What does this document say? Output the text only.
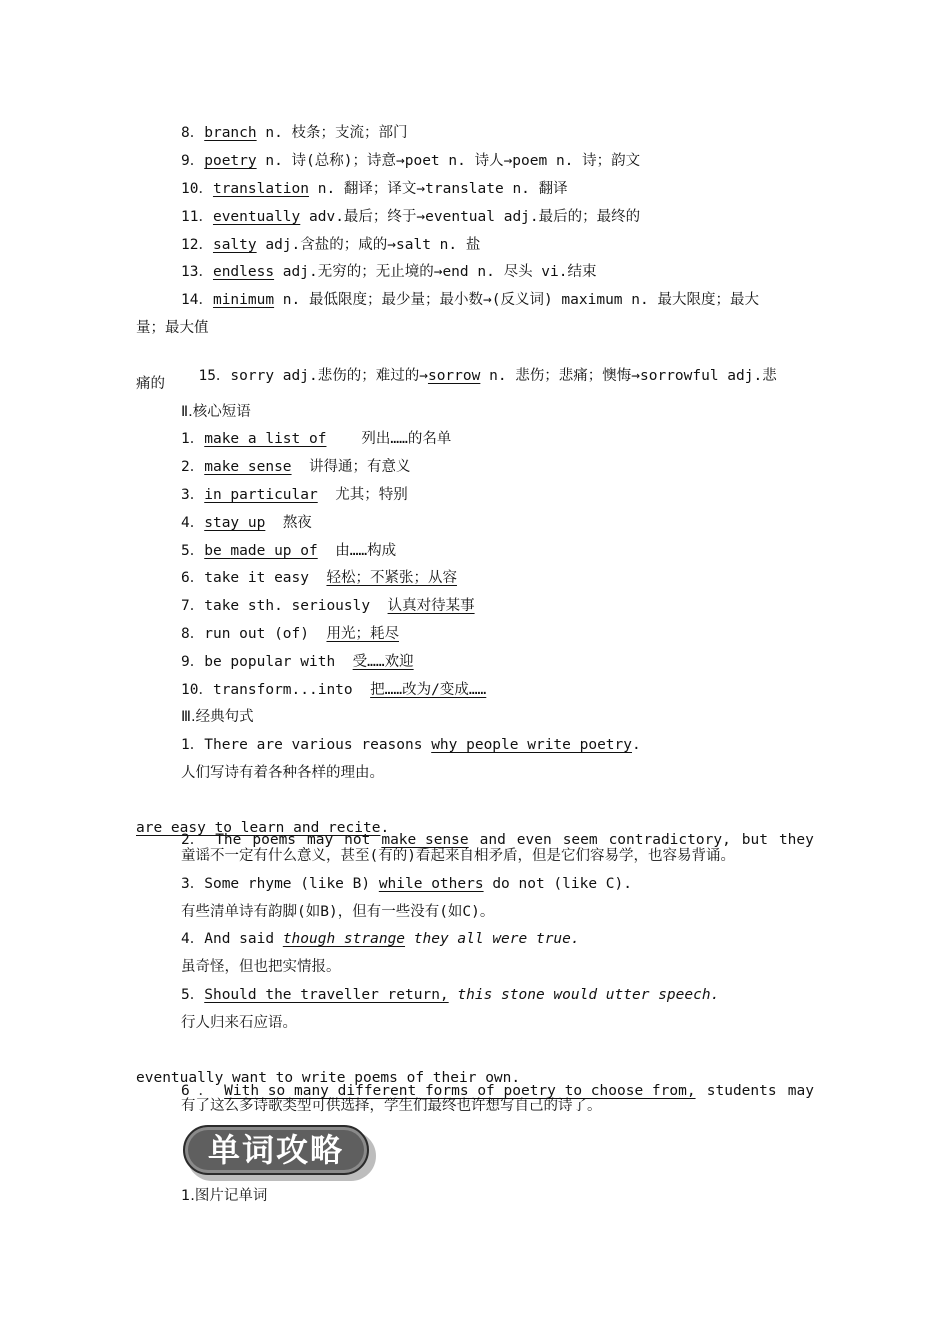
8．branch n. 枝条；支流；部门
9．poetry n. 诗(总称)；诗意→poet n. 诗人→poem n. 诗；韵文
10．translation n. 翻译；译文→translate n. 翻译
11．eventually adv.最后；终于→eventual adj.最后的；最终的
12．salty adj.含盐的；咸的→salt n. 盐
13．endless adj.无穷的；无止境的→end n. 尽头 vi.结束
14．minimum n. 最低限度；最少量；最小数→(反义词) maximum n. 最大限度；最大
量；最大值

15．sorry adj.悲伤的；难过的→sorrow n. 悲伤；悲痛；懊悔→sorrowful adj.悲

痛的
Ⅱ.核心短语
1．make a list of 列出……的名单
2．make sense 讲得通；有意义
3．in particular 尤其；特别
4．stay up 熬夜
5．be made up of 由……构成
6．take it easy 轻松；不紧张；从容
7．take sth. seriously 认真对待某事
8．run out (of) 用光；耗尽
9．be popular with 受……欢迎
10．transform...into 把……改为/变成……
Ⅲ.经典句式
1．There are various reasons why people write poetry.
人们写诗有着各种各样的理由。

2． The poems may not make sense and even seem contradictory, but they

are easy to learn and recite.
童谣不一定有什么意义，甚至(有的)看起来自相矛盾，但是它们容易学，也容易背诵。
3．Some rhyme (like B) while others do not (like C).
有些清单诗有韵脚(如B)，但有一些没有(如C)。
4．And said though strange they all were true.
虽奇怪，但也把实情报。
5．Should the traveller return, this stone would utter speech.
行人归来石应语。

6 ． With so many different forms of poetry to choose from, students may

eventually want to write poems of their own.
有了这么多诗歌类型可供选择，学生们最终也许想写自己的诗了。
单词攻略
1.图片记单词
